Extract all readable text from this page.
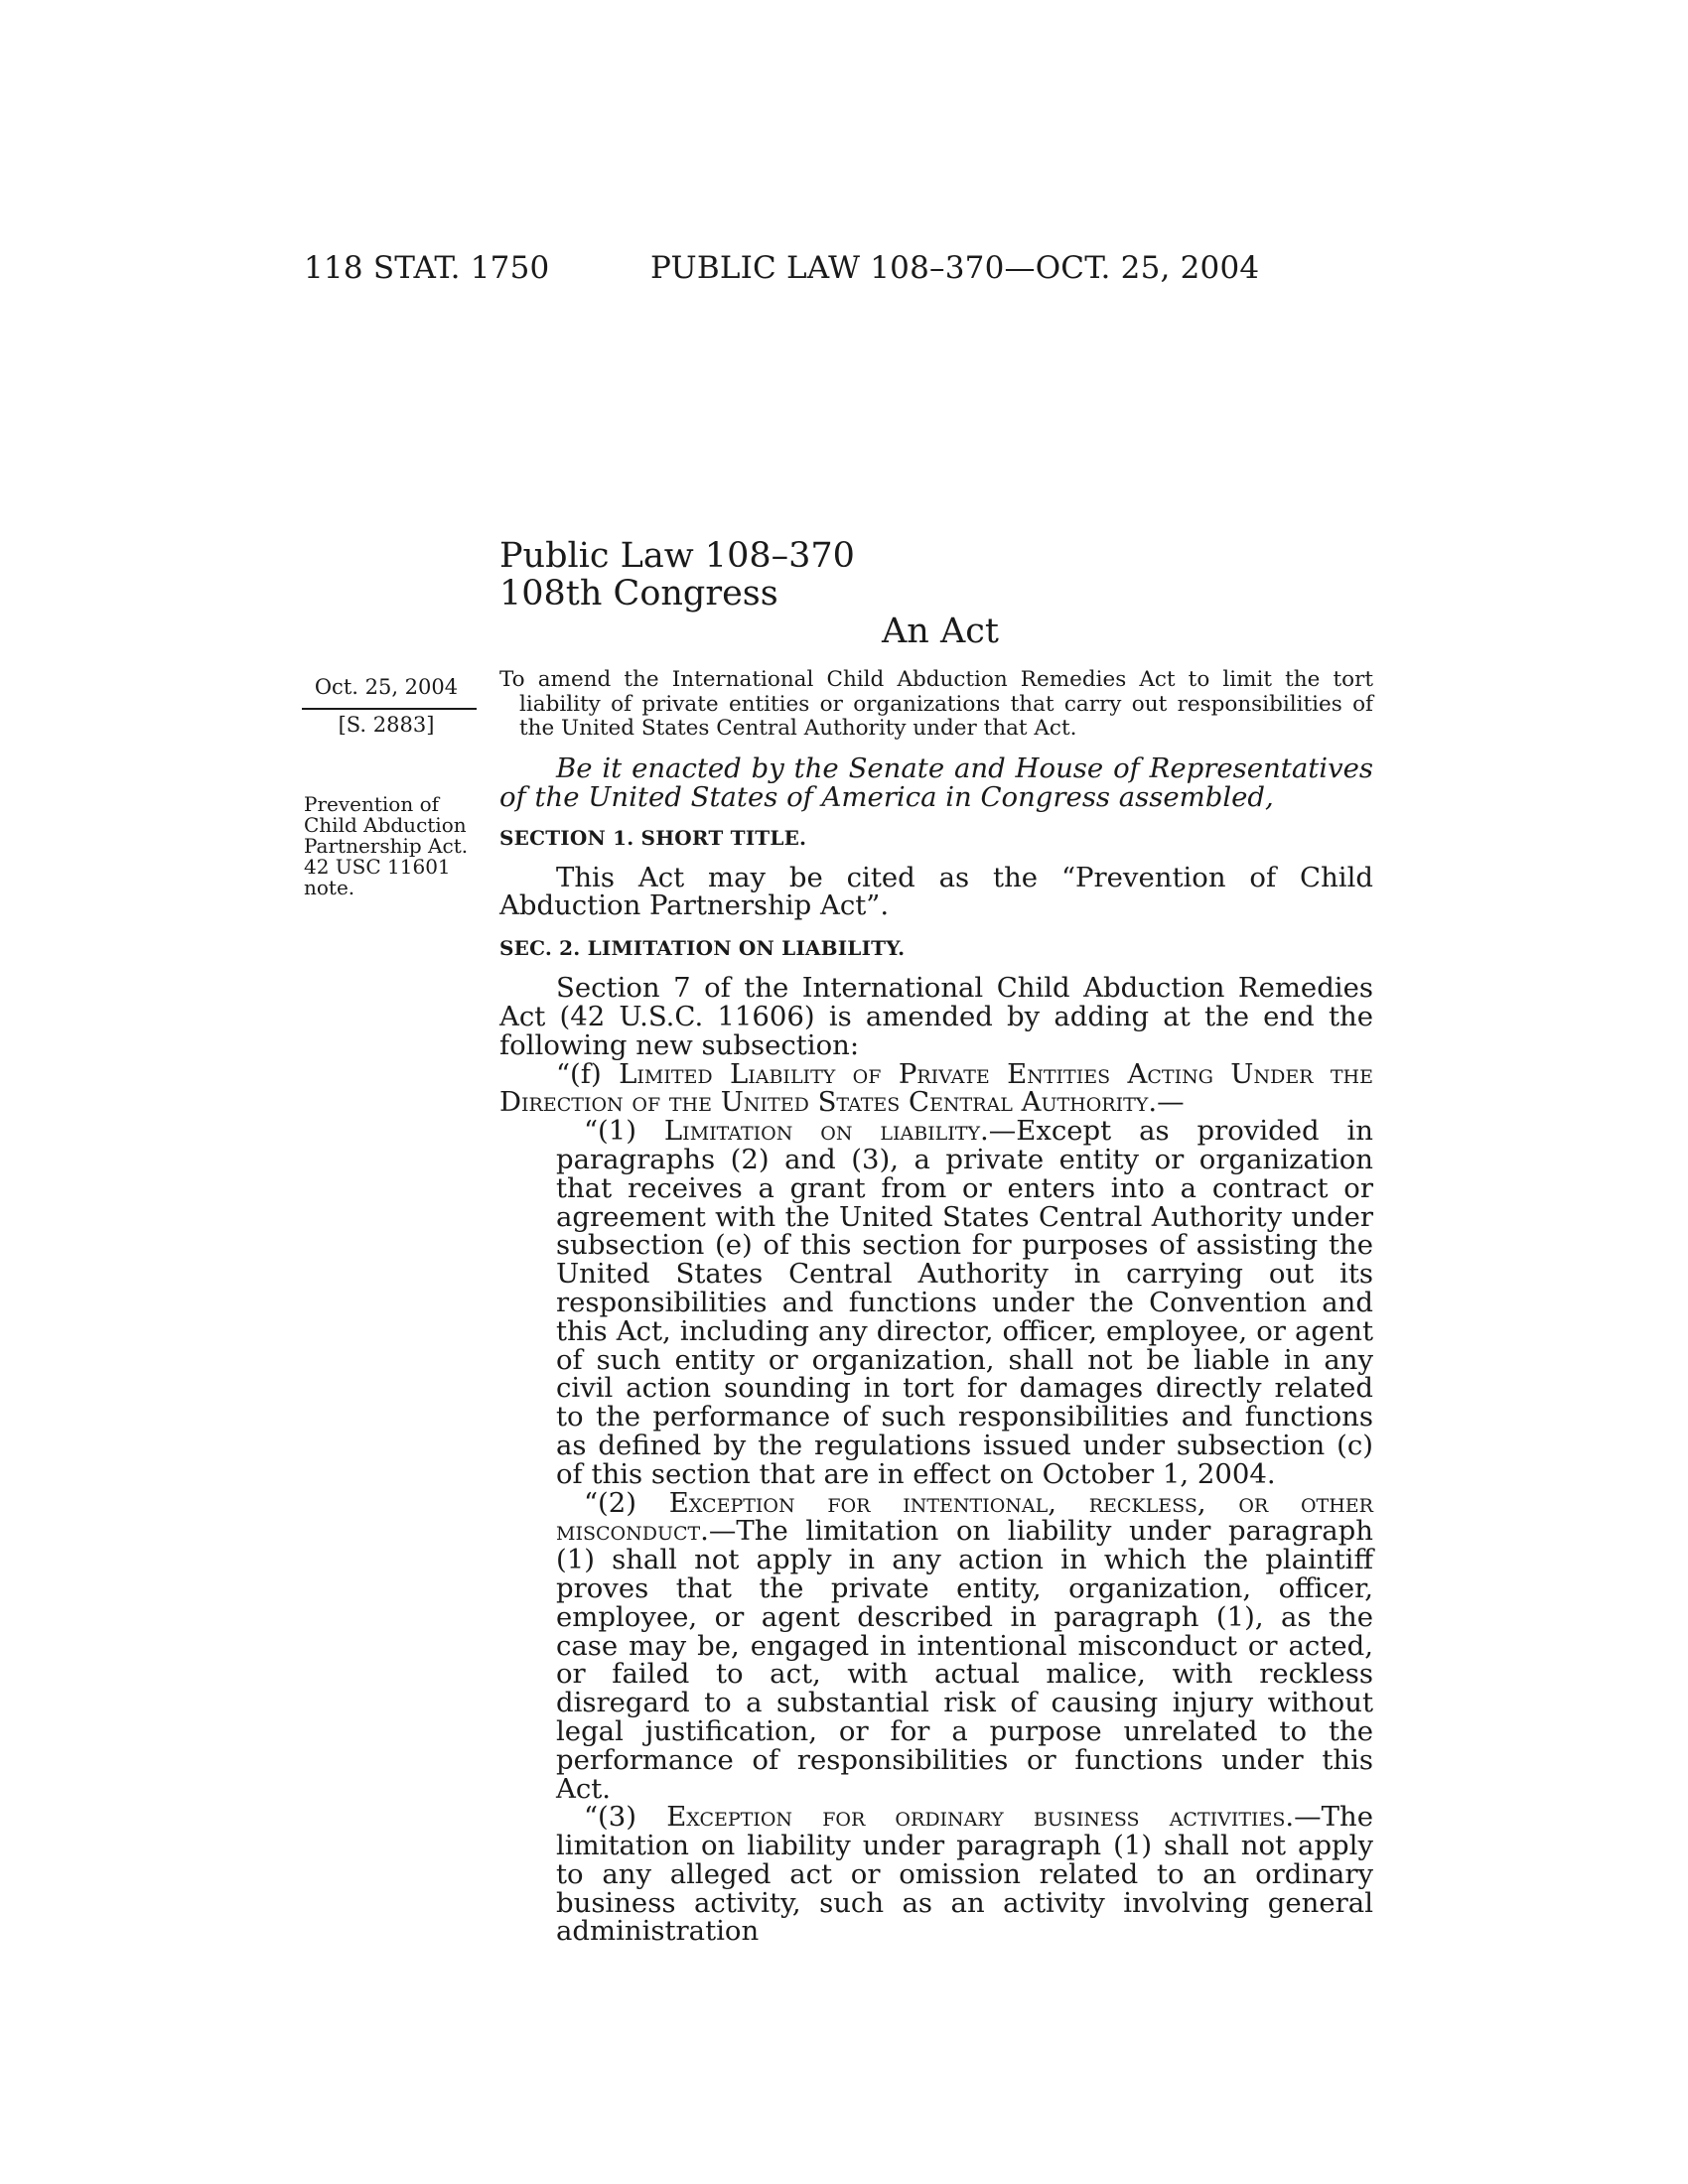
118 STAT. 1750	PUBLIC LAW 108–370—OCT. 25, 2004
Public Law 108–370
108th Congress
An Act
Oct. 25, 2004
[S. 2883]
Prevention of
Child Abduction
Partnership Act.
42 USC 11601
note.
To amend the International Child Abduction Remedies Act to limit the tort liability of private entities or organizations that carry out responsibilities of the United States Central Authority under that Act.

Be it enacted by the Senate and House of Representatives of the United States of America in Congress assembled,

SECTION 1. SHORT TITLE.

This Act may be cited as the “Prevention of Child Abduction Partnership Act”.

SEC. 2. LIMITATION ON LIABILITY.

Section 7 of the International Child Abduction Remedies Act (42 U.S.C. 11606) is amended by adding at the end the following new subsection:

“(f) Limited Liability of Private Entities Acting Under the Direction of the United States Central Authority.—

“(1) Limitation on liability.—Except as provided in paragraphs (2) and (3), a private entity or organization that receives a grant from or enters into a contract or agreement with the United States Central Authority under subsection (e) of this section for purposes of assisting the United States Central Authority in carrying out its responsibilities and functions under the Convention and this Act, including any director, officer, employee, or agent of such entity or organization, shall not be liable in any civil action sounding in tort for damages directly related to the performance of such responsibilities and functions as defined by the regulations issued under subsection (c) of this section that are in effect on October 1, 2004.

“(2) Exception for intentional, reckless, or other misconduct.—The limitation on liability under paragraph (1) shall not apply in any action in which the plaintiff proves that the private entity, organization, officer, employee, or agent described in paragraph (1), as the case may be, engaged in intentional misconduct or acted, or failed to act, with actual malice, with reckless disregard to a substantial risk of causing injury without legal justification, or for a purpose unrelated to the performance of responsibilities or functions under this Act.

“(3) Exception for ordinary business activities.—The limitation on liability under paragraph (1) shall not apply to any alleged act or omission related to an ordinary business activity, such as an activity involving general administration
